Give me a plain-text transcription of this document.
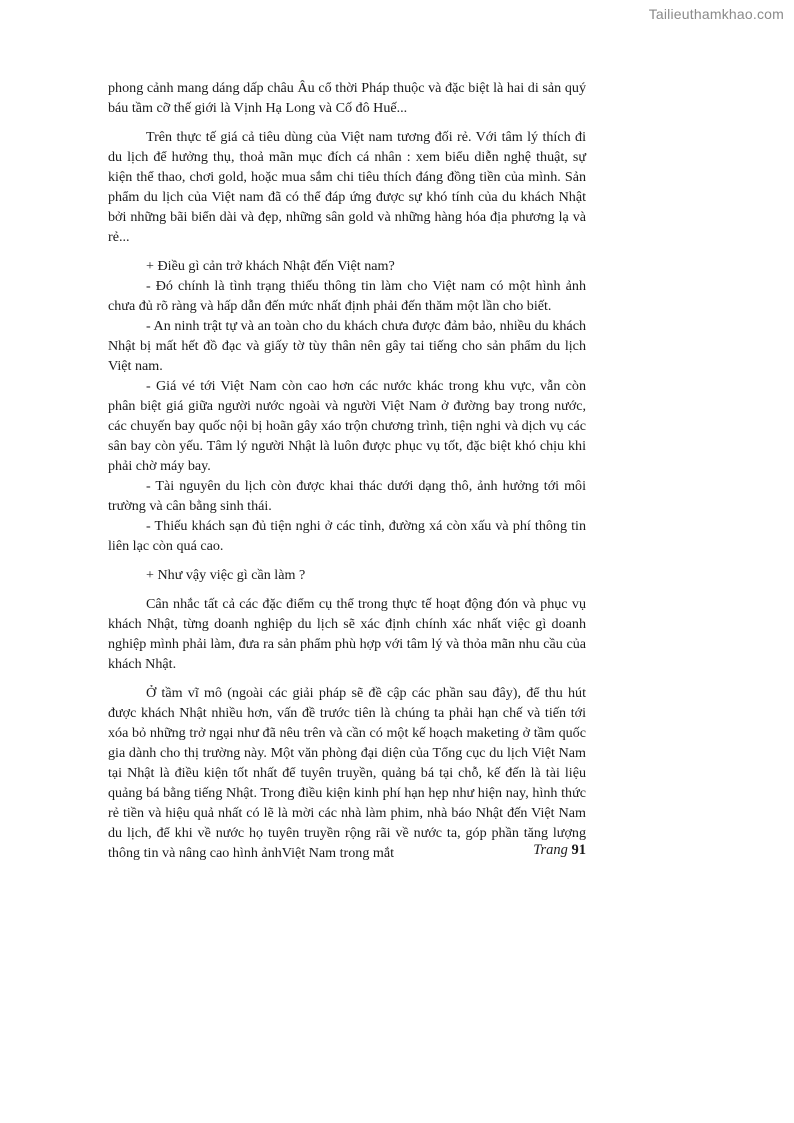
Tailieuthamkhao.com

phong cảnh mang dáng dấp châu Âu cổ thời Pháp thuộc và đặc biệt là hai di sản quý báu tầm cỡ thế giới là Vịnh Hạ Long và Cố đô Huế...

Trên thực tế giá cả tiêu dùng của Việt nam tương đối rẻ. Với tâm lý thích đi du lịch để hưởng thụ, thoả mãn mục đích cá nhân : xem biểu diễn nghệ thuật, sự kiện thể thao, chơi gold, hoặc mua sắm chi tiêu thích đáng đồng tiền của mình. Sản phẩm du lịch của Việt nam đã có thể đáp ứng được sự khó tính của du khách Nhật bởi những bãi biển dài và đẹp, những sân gold và những hàng hóa địa phương lạ và rẻ...

+ Điều gì cản trở khách Nhật đến Việt nam?

- Đó chính là tình trạng thiếu thông tin làm cho Việt nam có một hình ảnh chưa đủ rõ ràng và hấp dẫn đến mức nhất định phải đến thăm một lần cho biết.

- An ninh trật tự và an toàn cho du khách chưa được đảm bảo, nhiều du khách Nhật bị mất hết đồ đạc và giấy tờ tùy thân nên gây tai tiếng cho sản phẩm du lịch Việt nam.

- Giá vé tới Việt Nam còn cao hơn các nước khác trong khu vực, vẫn còn phân biệt giá giữa người nước ngoài và người Việt Nam ở đường bay trong nước, các chuyến bay quốc nội bị hoãn gây xáo trộn chương trình, tiện nghi và dịch vụ các sân bay còn yếu. Tâm lý người Nhật là luôn được phục vụ tốt, đặc biệt khó chịu khi phải chờ máy bay.

- Tài nguyên du lịch còn được khai thác dưới dạng thô, ảnh hưởng tới môi trường và cân bằng sinh thái.

- Thiếu khách sạn đủ tiện nghi ở các tỉnh, đường xá còn xấu và phí thông tin liên lạc còn quá cao.

+ Như vậy việc gì cần làm ?

Cân nhắc tất cả các đặc điểm cụ thể trong thực tế hoạt động đón và phục vụ khách Nhật, từng doanh nghiệp du lịch sẽ xác định chính xác nhất việc gì doanh nghiệp mình phải làm, đưa ra sản phẩm phù hợp với tâm lý và thỏa mãn nhu cầu của khách Nhật.

Ở tầm vĩ mô (ngoài các giải pháp sẽ đề cập các phần sau đây), để thu hút được khách Nhật nhiều hơn, vấn đề trước tiên là chúng ta phải hạn chế và tiến tới xóa bỏ những trở ngại như đã nêu trên và cần có một kế hoạch maketing ở tầm quốc gia dành cho thị trường này. Một văn phòng đại diện của Tổng cục du lịch Việt Nam tại Nhật là điều kiện tốt nhất để tuyên truyền, quảng bá tại chỗ, kế đến là tài liệu quảng bá bằng tiếng Nhật. Trong điều kiện kinh phí hạn hẹp như hiện nay, hình thức rẻ tiền và hiệu quả nhất có lẽ là mời các nhà làm phim, nhà báo Nhật đến Việt Nam du lịch, để khi về nước họ tuyên truyền rộng rãi về nước ta, góp phần tăng lượng thông tin và nâng cao hình ảnhViệt Nam trong mắt	Trang 91
